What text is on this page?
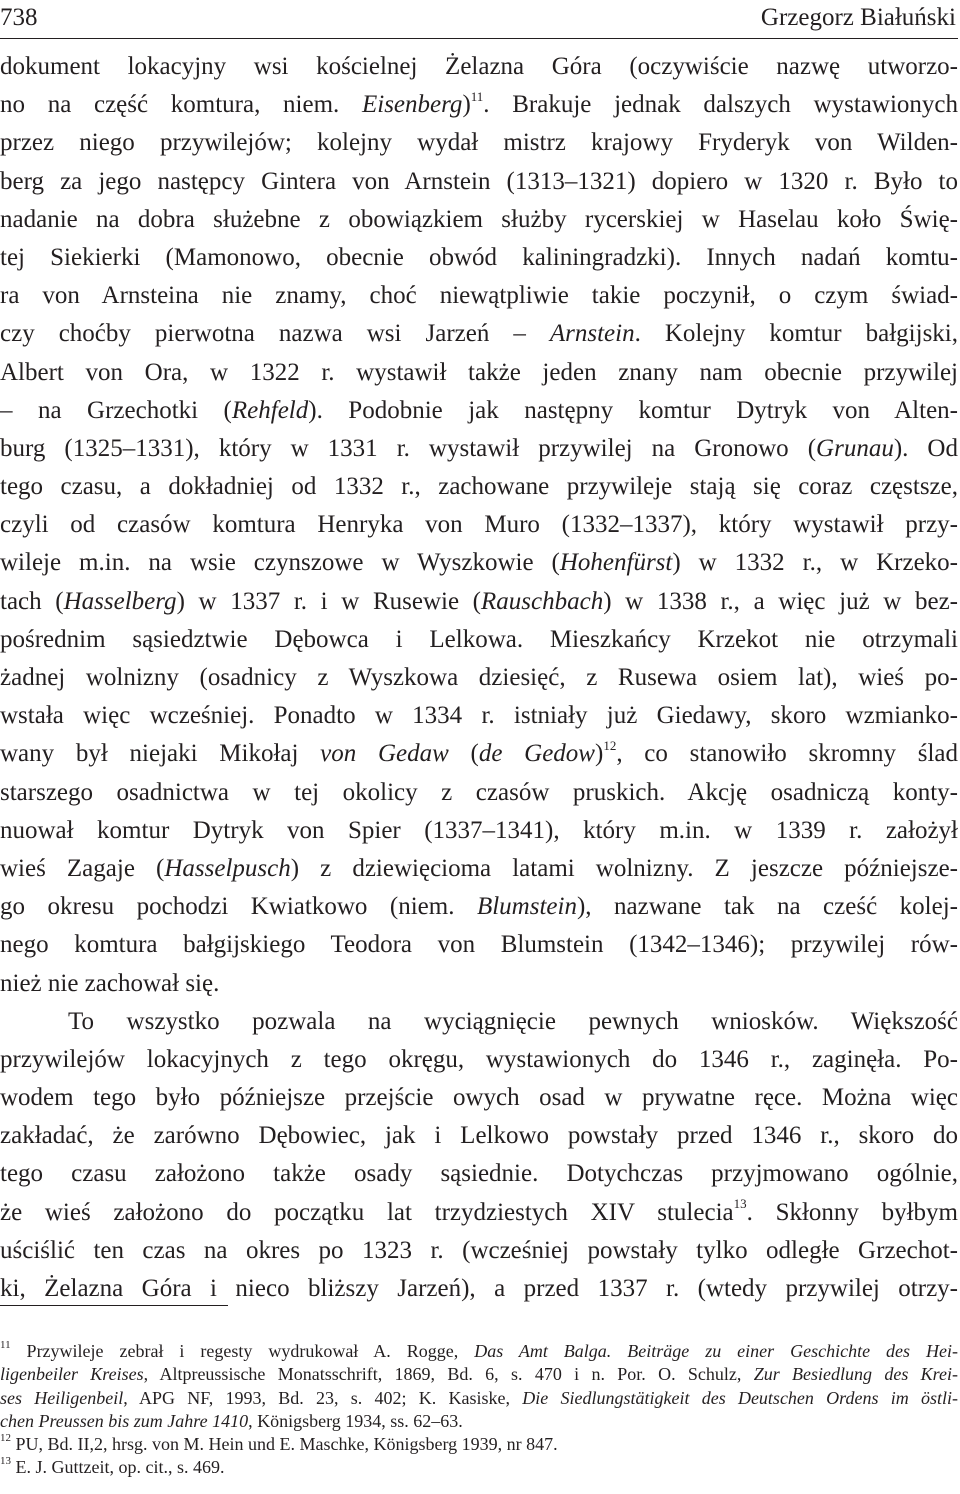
738	Grzegorz Białuński
dokument lokacyjny wsi kościelnej Żelazna Góra (oczywiście nazwę utworzo-
no na część komtura, niem. Eisenberg)$^{11}$. Brakuje jednak dalszych wystawionych
przez niego przywilejów; kolejny wydał mistrz krajowy Fryderyk von Wilden-
berg za jego następcy Gintera von Arnstein (1313–1321) dopiero w 1320 r. Było to
nadanie na dobra służebne z obowiązkiem służby rycerskiej w Haselau koło Świę-
tej Siekierki (Mamonowo, obecnie obwód kaliningradzki). Innych nadań komtu-
ra von Arnsteina nie znamy, choć niewątpliwie takie poczynił, o czym świad-
czy choćby pierwotna nazwa wsi Jarzeń – Arnstein. Kolejny komtur bałgijski,
Albert von Ora, w 1322 r. wystawił także jeden znany nam obecnie przywilej
– na Grzechotki (Rehfeld). Podobnie jak następny komtur Dytryk von Alten-
burg (1325–1331), który w 1331 r. wystawił przywilej na Gronowo (Grunau). Od
tego czasu, a dokładniej od 1332 r., zachowane przywileje stają się coraz częstsze,
czyli od czasów komtura Henryka von Muro (1332–1337), który wystawił przy-
wileje m.in. na wsie czynszowe w Wyszkowie (Hohenfürst) w 1332 r., w Krzeko-
tach (Hasselberg) w 1337 r. i w Rusewie (Rauschbach) w 1338 r., a więc już w bez-
pośrednim sąsiedztwie Dębowca i Lelkowa. Mieszkańcy Krzekot nie otrzymali
żadnej wolnizny (osadnicy z Wyszkowa dziesięć, z Rusewa osiem lat), wieś po-
wstała więc wcześniej. Ponadto w 1334 r. istniały już Giedawy, skoro wzmianko-
wany był niejaki Mikołaj von Gedaw (de Gedow)$^{12}$, co stanowiło skromny ślad
starszego osadnictwa w tej okolicy z czasów pruskich. Akcję osadniczą konty-
nuował komtur Dytryk von Spier (1337–1341), który m.in. w 1339 r. założył
wieś Zagaje (Hasselpusch) z dziewięcioma latami wolnizny. Z jeszcze późniejsze-
go okresu pochodzi Kwiatkowo (niem. Blumstein), nazwane tak na cześć kolej-
nego komtura bałgijskiego Teodora von Blumstein (1342–1346); przywilej rów-
nież nie zachował się.
To wszystko pozwala na wyciągnięcie pewnych wniosków. Większość
przywilejów lokacyjnych z tego okręgu, wystawionych do 1346 r., zaginęła. Po-
wodem tego było późniejsze przejście owych osad w prywatne ręce. Można więc
zakładać, że zarówno Dębowiec, jak i Lelkowo powstały przed 1346 r., skoro do
tego czasu założono także osady sąsiednie. Dotychczas przyjmowano ogólnie,
że wieś założono do początku lat trzydziestych XIV stulecia$^{13}$. Skłonny byłbym
uściślić ten czas na okres po 1323 r. (wcześniej powstały tylko odległe Grzechot-
ki, Żelazna Góra i nieco bliższy Jarzeń), a przed 1337 r. (wtedy przywilej otrzy-
$^{11}$ Przywileje zebrał i regesty wydrukował A. Rogge, Das Amt Balga. Beiträge zu einer Geschichte des Hei-
ligenbeiler Kreises, Altpreussische Monatsschrift, 1869, Bd. 6, s. 470 i n. Por. O. Schulz, Zur Besiedlung des Krei-
ses Heiligenbeil, APG NF, 1993, Bd. 23, s. 402; K. Kasiske, Die Siedlungstätigkeit des Deutschen Ordens im östli-
chen Preussen bis zum Jahre 1410, Königsberg 1934, ss. 62–63.
$^{12}$ PU, Bd. II,2, hrsg. von M. Hein und E. Maschke, Königsberg 1939, nr 847.
$^{13}$ E. J. Guttzeit, op. cit., s. 469.
